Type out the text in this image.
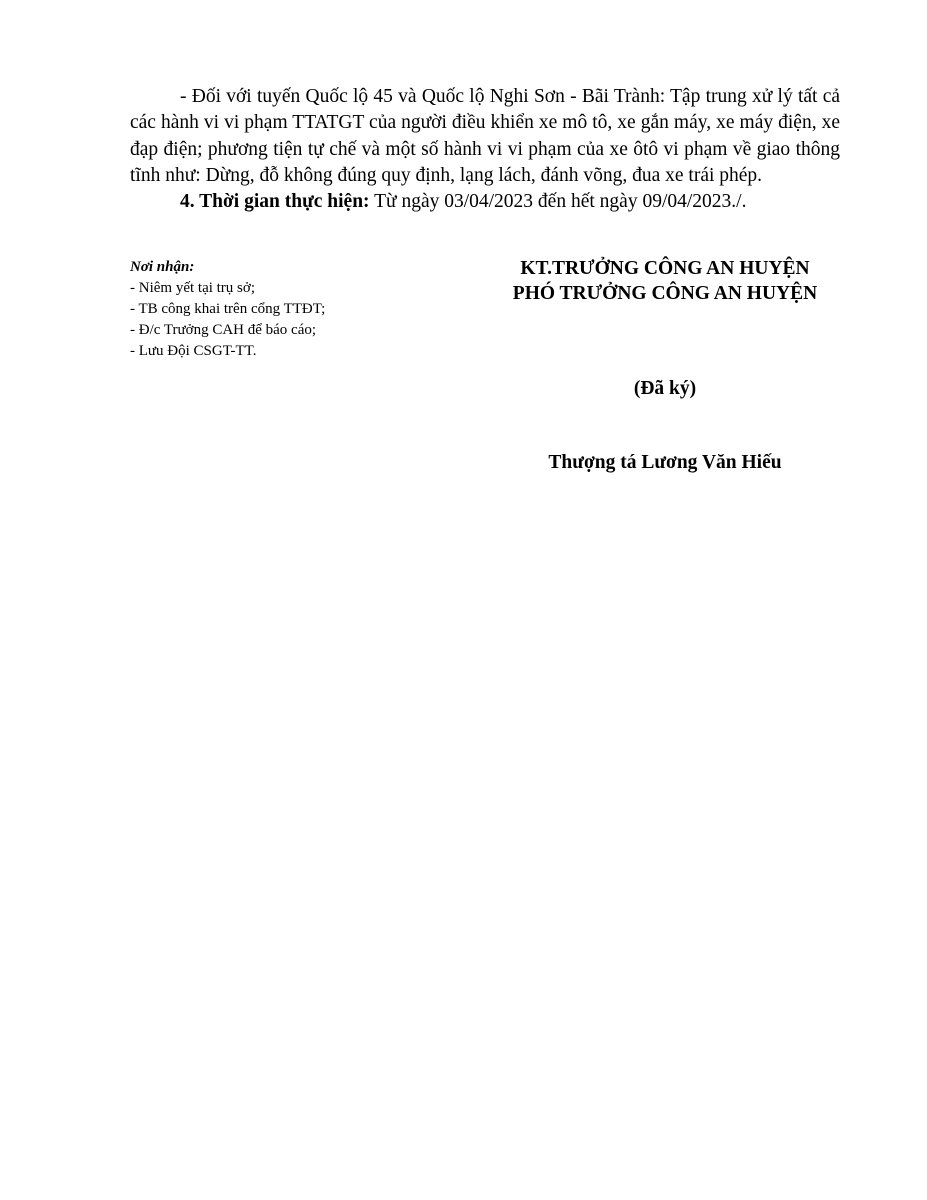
- Đối với tuyến Quốc lộ 45 và Quốc lộ Nghi Sơn - Bãi Trành: Tập trung xử lý tất cả các hành vi vi phạm TTATGT của người điều khiển xe mô tô, xe gắn máy, xe máy điện, xe đạp điện; phương tiện tự chế và một số hành vi vi phạm của xe ôtô vi phạm về giao thông tĩnh như: Dừng, đỗ không đúng quy định, lạng lách, đánh võng, đua xe trái phép.

4. Thời gian thực hiện: Từ ngày 03/04/2023 đến hết ngày 09/04/2023./.

Nơi nhận:
- Niêm yết tại trụ sở;
- TB công khai trên cổng TTĐT;
- Đ/c Trưởng CAH để báo cáo;
- Lưu Đội CSGT-TT.
KT.TRƯỞNG CÔNG AN HUYỆN
PHÓ TRƯỞNG CÔNG AN HUYỆN
(Đã ký)
Thượng tá Lương Văn Hiếu
